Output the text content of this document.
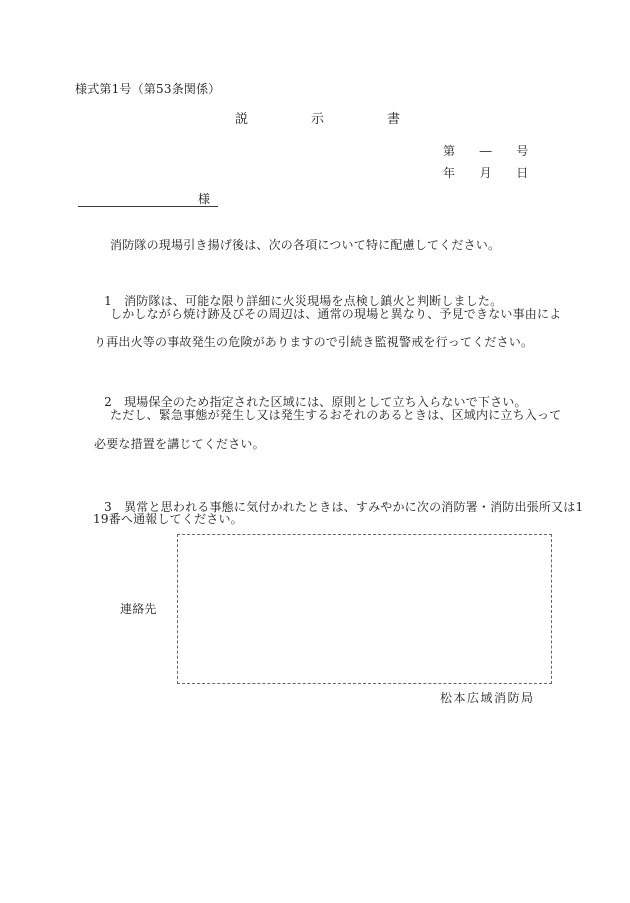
様式第1号（第53条関係）
説示書
第　　―　　号
年　　月　　日
様
消防隊の現場引き揚げ後は、次の各項について特に配慮してください。

1 消防隊は、可能な限り詳細に火災現場を点検し鎮火と判断しました。

しかしながら焼け跡及びその周辺は、通常の現場と異なり、予見できない事由によ
り再出火等の事故発生の危険がありますので引続き監視警戒を行ってください。

2 現場保全のため指定された区域には、原則として立ち入らないで下さい。

ただし、緊急事態が発生し又は発生するおそれのあるときは、区域内に立ち入って
必要な措置を講じてください。

3 異常と思われる事態に気付かれたときは、すみやかに次の消防署・消防出張所又は1

19番へ通報してください。
連絡先
松本広域消防局
